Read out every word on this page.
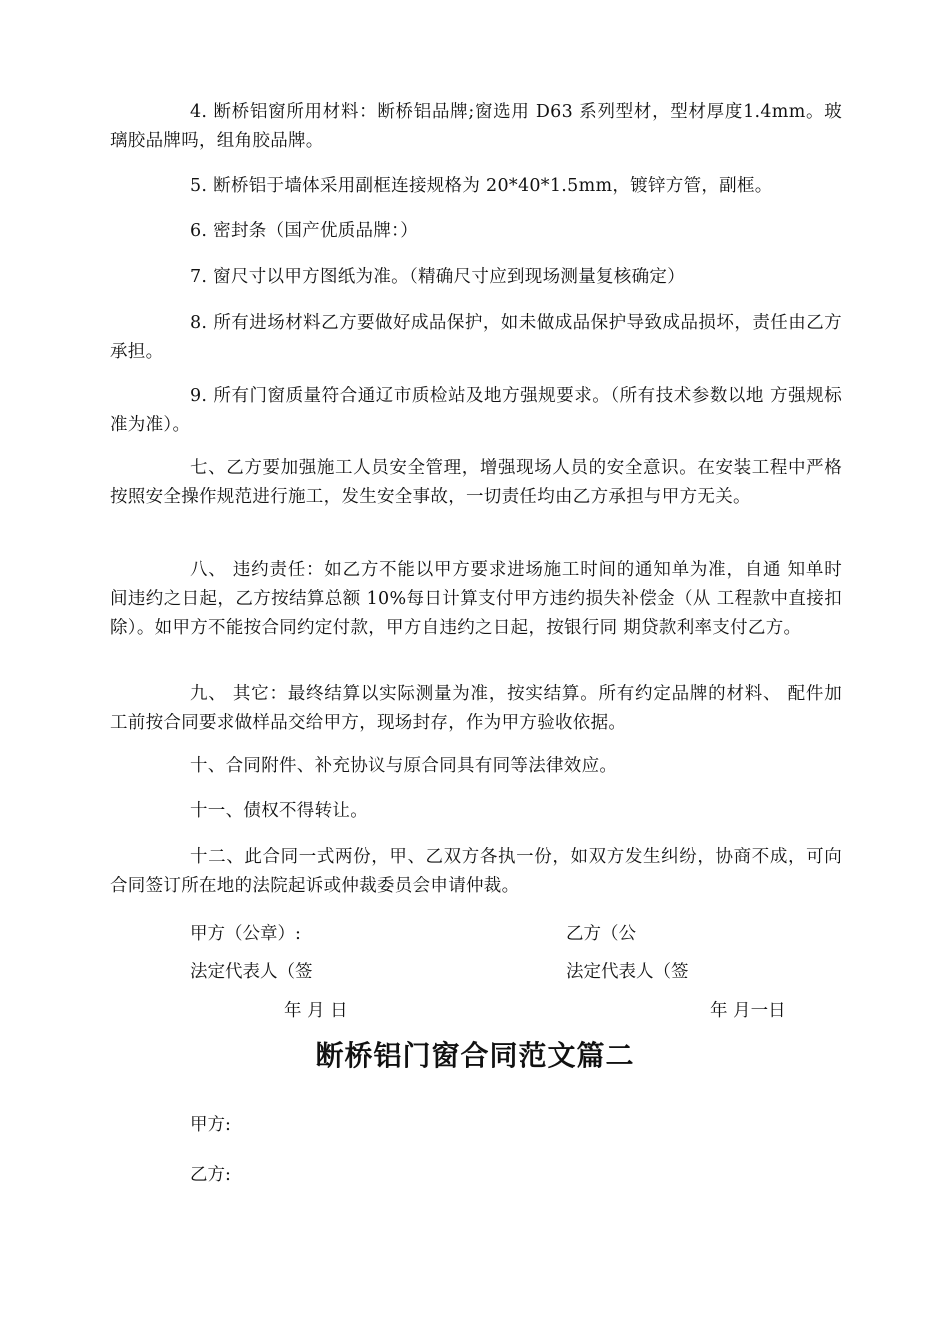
4. 断桥铝窗所用材料：断桥铝品牌;窗选用 D63 系列型材，型材厚度1.4mm。玻璃胶品牌吗，组角胶品牌。

5. 断桥铝于墙体采用副框连接规格为 20*40*1.5mm，镀锌方管，副框。

6. 密封条（国产优质品牌：）

7. 窗尺寸以甲方图纸为准。（精确尺寸应到现场测量复核确定）

8. 所有进场材料乙方要做好成品保护，如未做成品保护导致成品损坏，责任由乙方承担。

9. 所有门窗质量符合通辽市质检站及地方强规要求。（所有技术参数以地 方强规标准为准）。

七、乙方要加强施工人员安全管理，增强现场人员的安全意识。在安装工程中严格按照安全操作规范进行施工，发生安全事故，一切责任均由乙方承担与甲方无关。

八、 违约责任：如乙方不能以甲方要求进场施工时间的通知单为准，自通 知单时间违约之日起，乙方按结算总额 10%每日计算支付甲方违约损失补偿金（从 工程款中直接扣除）。如甲方不能按合同约定付款，甲方自违约之日起，按银行同 期贷款利率支付乙方。

九、 其它：最终结算以实际测量为准，按实结算。所有约定品牌的材料、 配件加工前按合同要求做样品交给甲方，现场封存，作为甲方验收依据。

十、合同附件、补充协议与原合同具有同等法律效应。

十一、债权不得转让。

十二、此合同一式两份，甲、乙双方各执一份，如双方发生纠纷，协商不成，可向合同签订所在地的法院起诉或仲裁委员会申请仲裁。

甲方（公章）:	乙方（公

法定代表人（签	法定代表人（签

年 月 日	年 月一日

断桥铝门窗合同范文篇二

甲方:

乙方:
